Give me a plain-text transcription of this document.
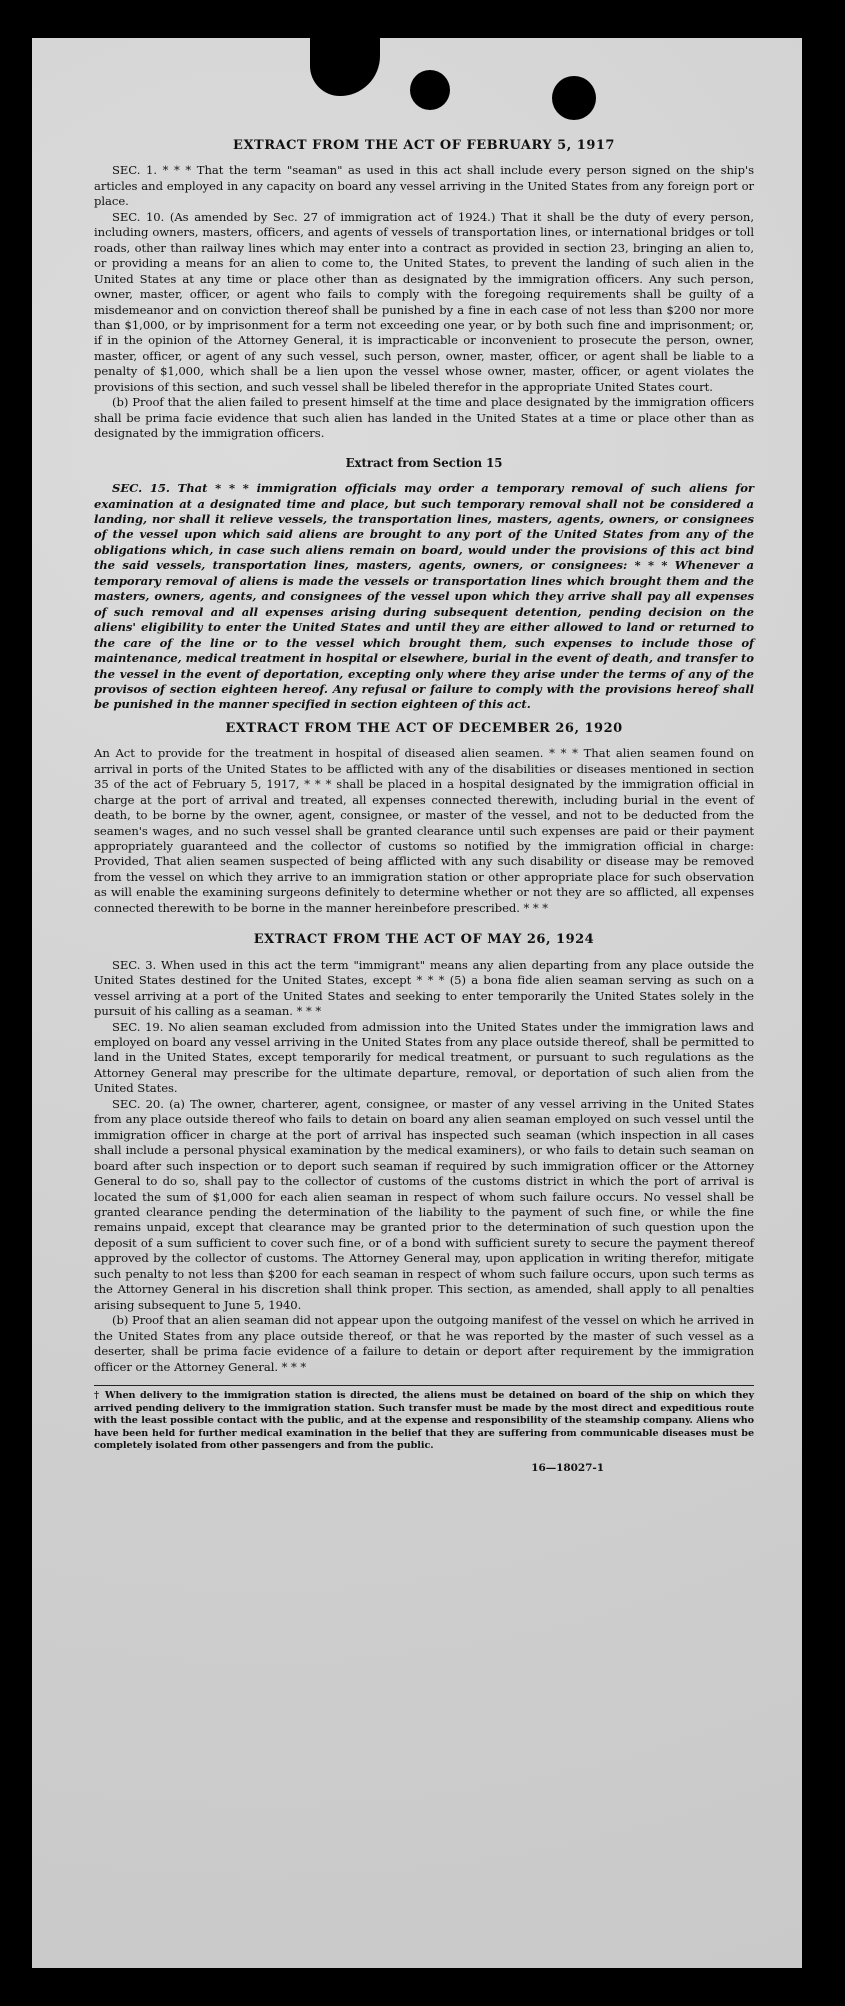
EXTRACT FROM THE ACT OF FEBRUARY 5, 1917

SEC. 1. * * * That the term "seaman" as used in this act shall include every person signed on the ship's articles and employed in any capacity on board any vessel arriving in the United States from any foreign port or place.

SEC. 10. (As amended by Sec. 27 of immigration act of 1924.) That it shall be the duty of every person, including owners, masters, officers, and agents of vessels of transportation lines, or international bridges or toll roads, other than railway lines which may enter into a contract as provided in section 23, bringing an alien to, or providing a means for an alien to come to, the United States, to prevent the landing of such alien in the United States at any time or place other than as designated by the immigration officers. Any such person, owner, master, officer, or agent who fails to comply with the foregoing requirements shall be guilty of a misdemeanor and on conviction thereof shall be punished by a fine in each case of not less than $200 nor more than $1,000, or by imprisonment for a term not exceeding one year, or by both such fine and imprisonment; or, if in the opinion of the Attorney General, it is impracticable or inconvenient to prosecute the person, owner, master, officer, or agent of any such vessel, such person, owner, master, officer, or agent shall be liable to a penalty of $1,000, which shall be a lien upon the vessel whose owner, master, officer, or agent violates the provisions of this section, and such vessel shall be libeled therefor in the appropriate United States court.

(b) Proof that the alien failed to present himself at the time and place designated by the immigration officers shall be prima facie evidence that such alien has landed in the United States at a time or place other than as designated by the immigration officers.

Extract from Section 15

SEC. 15. That * * * immigration officials may order a temporary removal of such aliens for examination at a designated time and place, but such temporary removal shall not be considered a landing, nor shall it relieve vessels, the transportation lines, masters, agents, owners, or consignees of the vessel upon which said aliens are brought to any port of the United States from any of the obligations which, in case such aliens remain on board, would under the provisions of this act bind the said vessels, transportation lines, masters, agents, owners, or consignees: * * * Whenever a temporary removal of aliens is made the vessels or transportation lines which brought them and the masters, owners, agents, and consignees of the vessel upon which they arrive shall pay all expenses of such removal and all expenses arising during subsequent detention, pending decision on the aliens' eligibility to enter the United States and until they are either allowed to land or returned to the care of the line or to the vessel which brought them, such expenses to include those of maintenance, medical treatment in hospital or elsewhere, burial in the event of death, and transfer to the vessel in the event of deportation, excepting only where they arise under the terms of any of the provisos of section eighteen hereof. Any refusal or failure to comply with the provisions hereof shall be punished in the manner specified in section eighteen of this act.

EXTRACT FROM THE ACT OF DECEMBER 26, 1920

An Act to provide for the treatment in hospital of diseased alien seamen. * * * That alien seamen found on arrival in ports of the United States to be afflicted with any of the disabilities or diseases mentioned in section 35 of the act of February 5, 1917, * * * shall be placed in a hospital designated by the immigration official in charge at the port of arrival and treated, all expenses connected therewith, including burial in the event of death, to be borne by the owner, agent, consignee, or master of the vessel, and not to be deducted from the seamen's wages, and no such vessel shall be granted clearance until such expenses are paid or their payment appropriately guaranteed and the collector of customs so notified by the immigration official in charge: Provided, That alien seamen suspected of being afflicted with any such disability or disease may be removed from the vessel on which they arrive to an immigration station or other appropriate place for such observation as will enable the examining surgeons definitely to determine whether or not they are so afflicted, all expenses connected therewith to be borne in the manner hereinbefore prescribed. * * *

EXTRACT FROM THE ACT OF MAY 26, 1924

SEC. 3. When used in this act the term "immigrant" means any alien departing from any place outside the United States destined for the United States, except * * * (5) a bona fide alien seaman serving as such on a vessel arriving at a port of the United States and seeking to enter temporarily the United States solely in the pursuit of his calling as a seaman. * * *

SEC. 19. No alien seaman excluded from admission into the United States under the immigration laws and employed on board any vessel arriving in the United States from any place outside thereof, shall be permitted to land in the United States, except temporarily for medical treatment, or pursuant to such regulations as the Attorney General may prescribe for the ultimate departure, removal, or deportation of such alien from the United States.

SEC. 20. (a) The owner, charterer, agent, consignee, or master of any vessel arriving in the United States from any place outside thereof who fails to detain on board any alien seaman employed on such vessel until the immigration officer in charge at the port of arrival has inspected such seaman (which inspection in all cases shall include a personal physical examination by the medical examiners), or who fails to detain such seaman on board after such inspection or to deport such seaman if required by such immigration officer or the Attorney General to do so, shall pay to the collector of customs of the customs district in which the port of arrival is located the sum of $1,000 for each alien seaman in respect of whom such failure occurs. No vessel shall be granted clearance pending the determination of the liability to the payment of such fine, or while the fine remains unpaid, except that clearance may be granted prior to the determination of such question upon the deposit of a sum sufficient to cover such fine, or of a bond with sufficient surety to secure the payment thereof approved by the collector of customs. The Attorney General may, upon application in writing therefor, mitigate such penalty to not less than $200 for each seaman in respect of whom such failure occurs, upon such terms as the Attorney General in his discretion shall think proper. This section, as amended, shall apply to all penalties arising subsequent to June 5, 1940.

(b) Proof that an alien seaman did not appear upon the outgoing manifest of the vessel on which he arrived in the United States from any place outside thereof, or that he was reported by the master of such vessel as a deserter, shall be prima facie evidence of a failure to detain or deport after requirement by the immigration officer or the Attorney General. * * *

† When delivery to the immigration station is directed, the aliens must be detained on board of the ship on which they arrived pending delivery to the immigration station. Such transfer must be made by the most direct and expeditious route with the least possible contact with the public, and at the expense and responsibility of the steamship company. Aliens who have been held for further medical examination in the belief that they are suffering from communicable diseases must be completely isolated from other passengers and from the public.
16—18027-1
